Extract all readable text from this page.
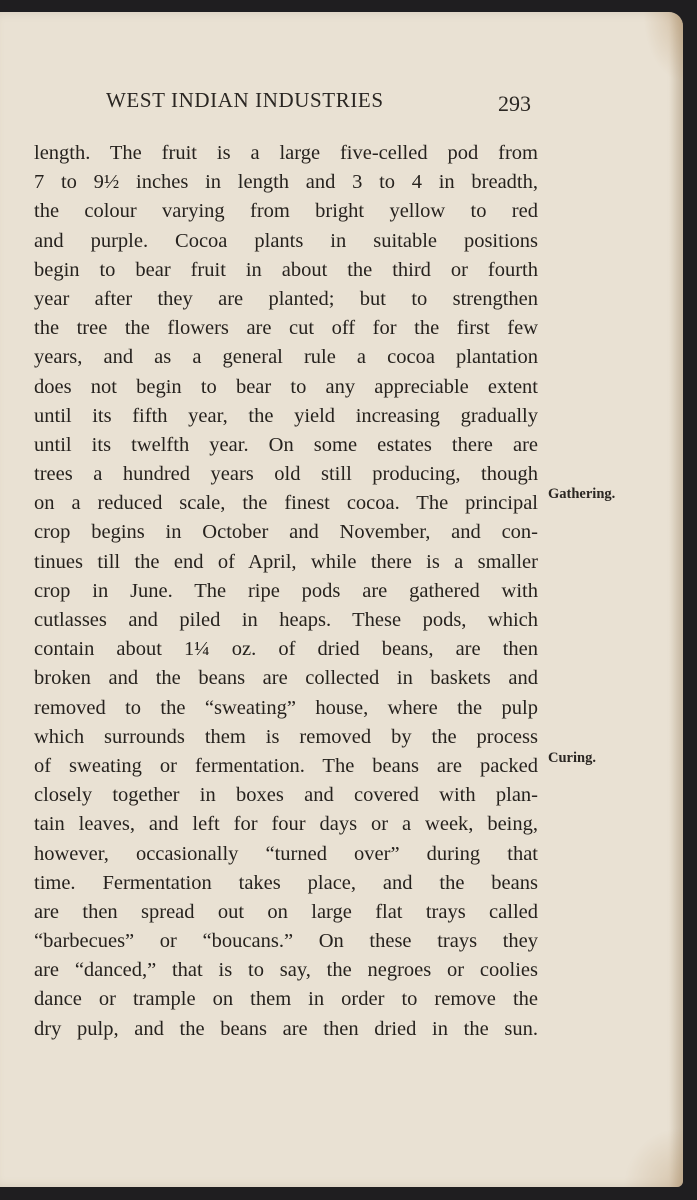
WEST INDIAN INDUSTRIES	293
length. The fruit is a large five-celled pod from
7 to 9½ inches in length and 3 to 4 in breadth,
the colour varying from bright yellow to red
and purple. Cocoa plants in suitable positions
begin to bear fruit in about the third or fourth
year after they are planted; but to strengthen
the tree the flowers are cut off for the first few
years, and as a general rule a cocoa plantation
does not begin to bear to any appreciable extent
until its fifth year, the yield increasing gradually
until its twelfth year. On some estates there are
trees a hundred years old still producing, though
on a reduced scale, the finest cocoa. The principal
crop begins in October and November, and con-
tinues till the end of April, while there is a smaller
crop in June. The ripe pods are gathered with
cutlasses and piled in heaps. These pods, which
contain about 1¼ oz. of dried beans, are then
broken and the beans are collected in baskets and
removed to the “sweating” house, where the pulp
which surrounds them is removed by the process
of sweating or fermentation. The beans are packed
closely together in boxes and covered with plan-
tain leaves, and left for four days or a week, being,
however, occasionally “turned over” during that
time. Fermentation takes place, and the beans
are then spread out on large flat trays called
“barbecues” or “boucans.” On these trays they
are “danced,” that is to say, the negroes or coolies
dance or trample on them in order to remove the
dry pulp, and the beans are then dried in the sun.
Gathering.
Curing.
